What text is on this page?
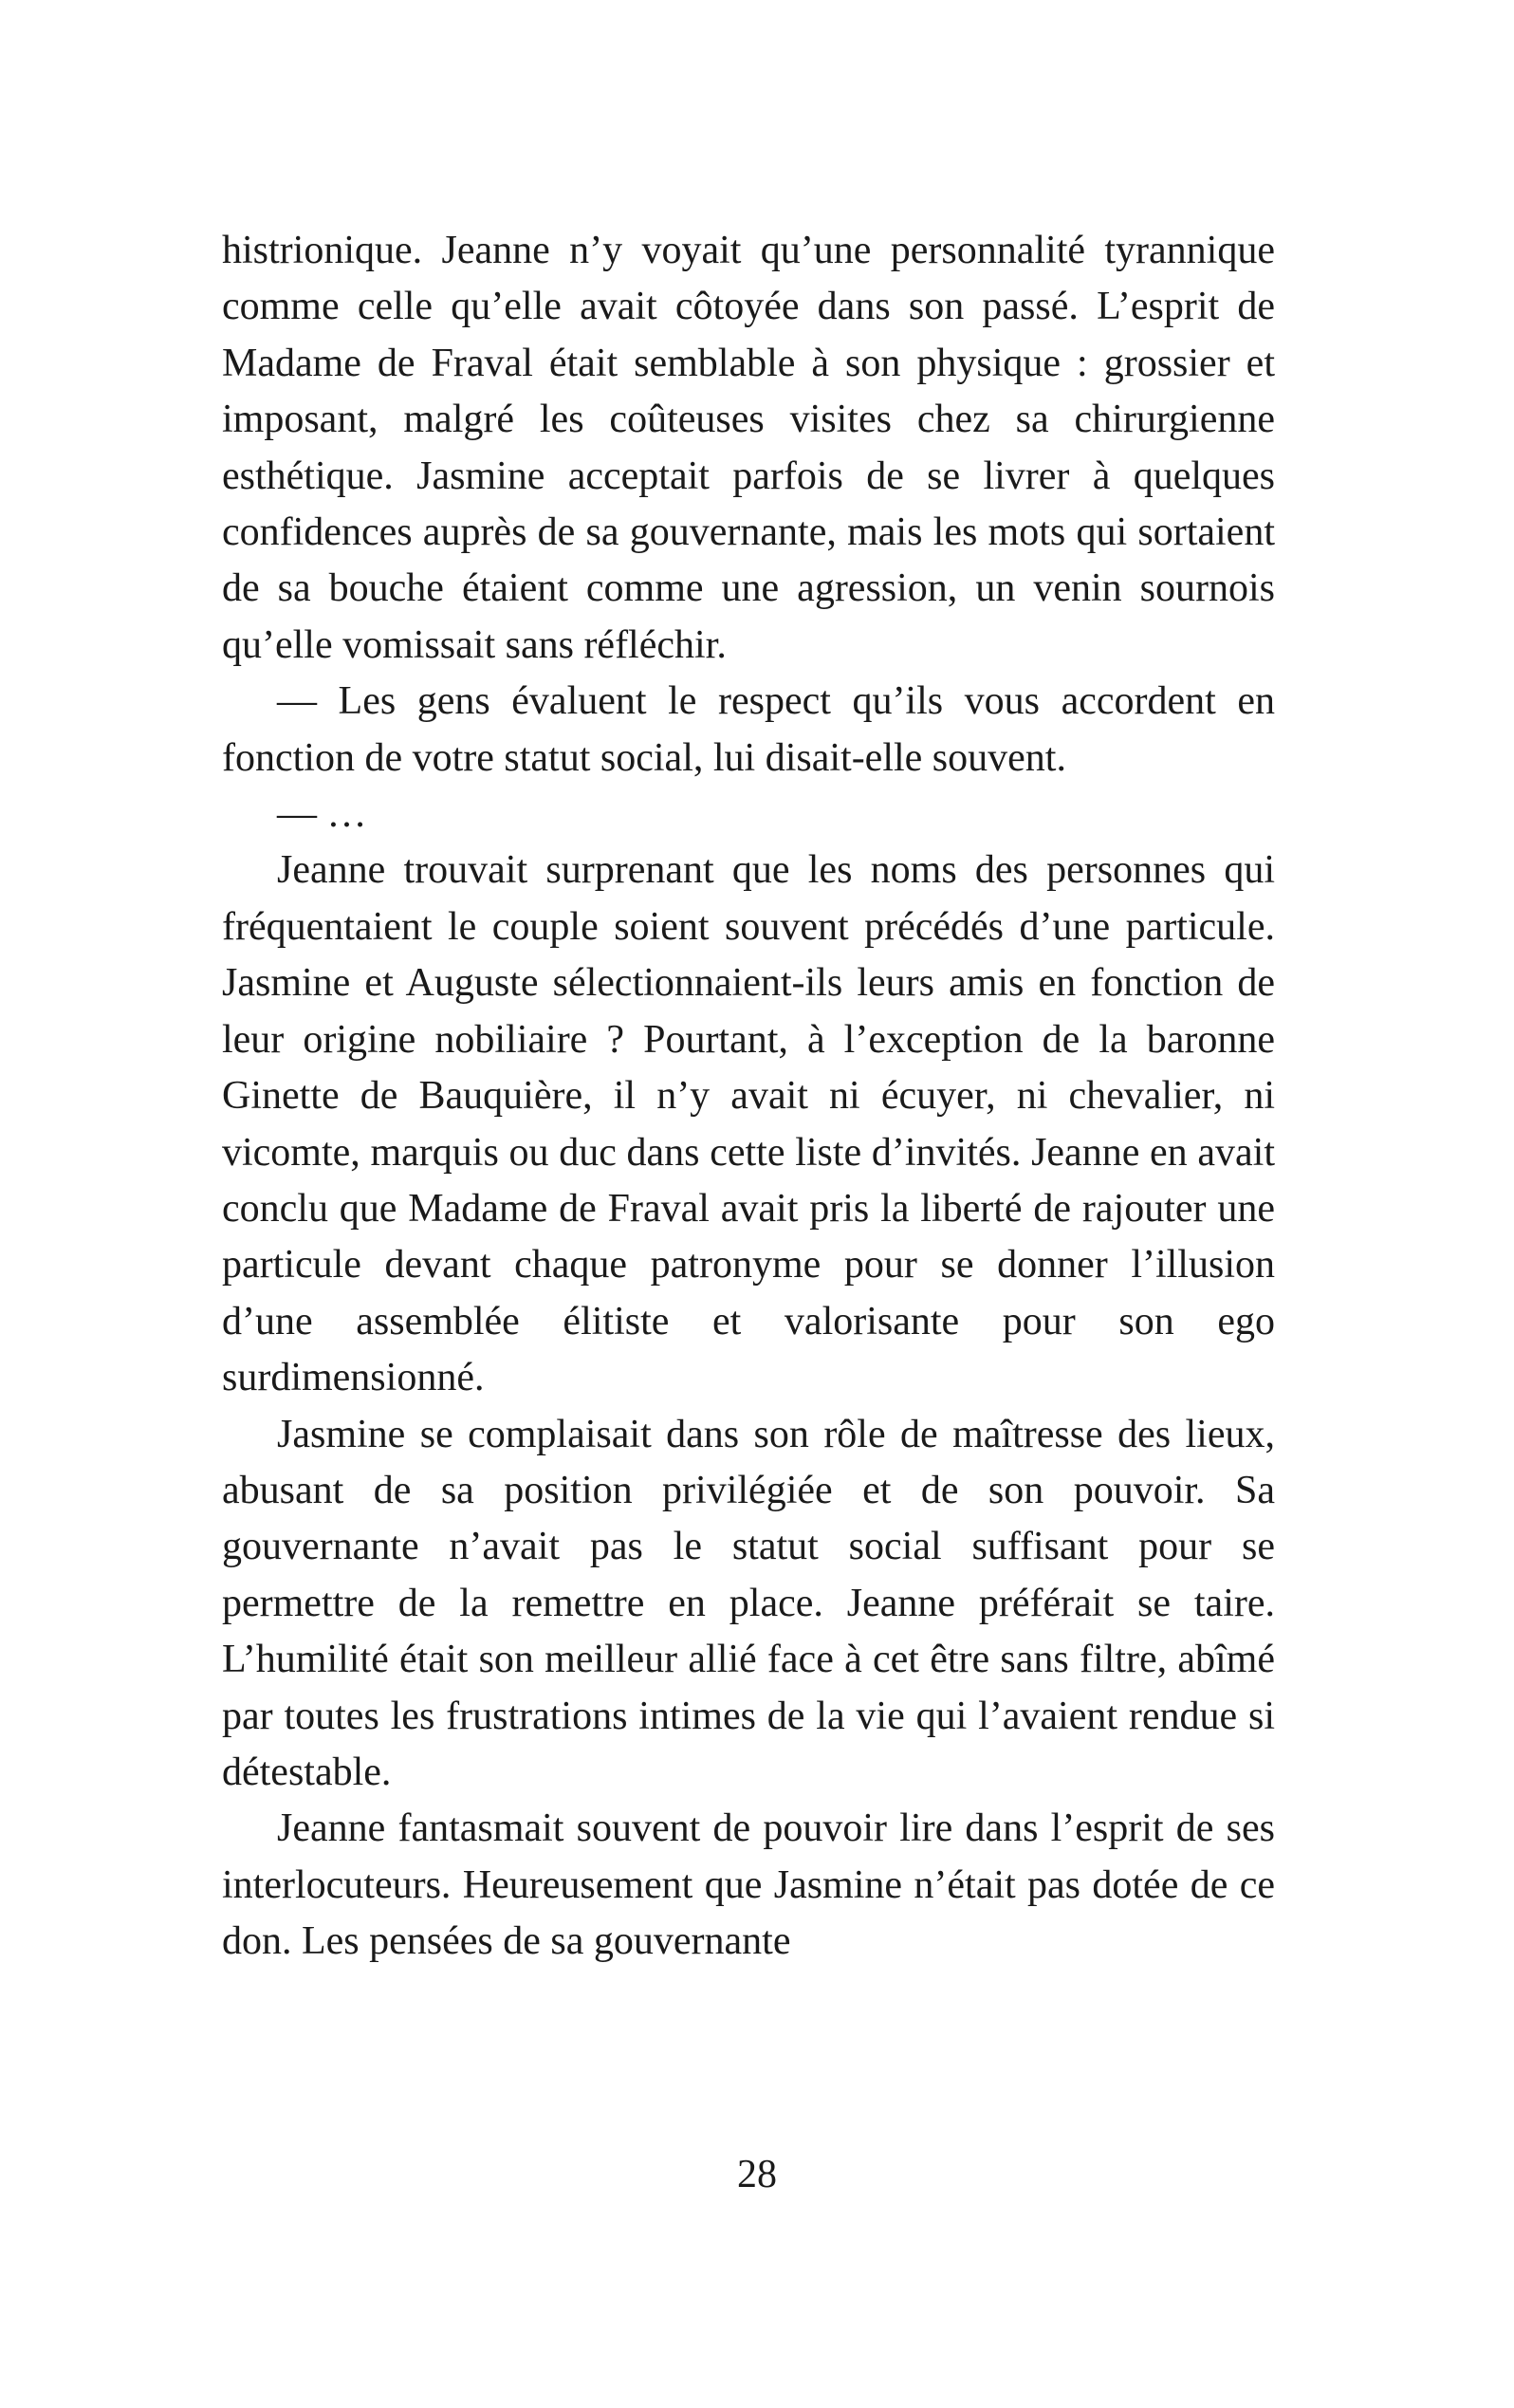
histrionique. Jeanne n’y voyait qu’une personnalité tyrannique comme celle qu’elle avait côtoyée dans son passé. L’esprit de Madame de Fraval était semblable à son physique : grossier et imposant, malgré les coûteuses visites chez sa chirurgienne esthétique. Jasmine acceptait parfois de se livrer à quelques confidences auprès de sa gouvernante, mais les mots qui sortaient de sa bouche étaient comme une agression, un venin sournois qu’elle vomissait sans réfléchir.

— Les gens évaluent le respect qu’ils vous accordent en fonction de votre statut social, lui disait-elle souvent.

— …

Jeanne trouvait surprenant que les noms des personnes qui fréquentaient le couple soient souvent précédés d’une particule. Jasmine et Auguste sélectionnaient-ils leurs amis en fonction de leur origine nobiliaire ? Pourtant, à l’exception de la baronne Ginette de Bauquière, il n’y avait ni écuyer, ni chevalier, ni vicomte, marquis ou duc dans cette liste d’invités. Jeanne en avait conclu que Madame de Fraval avait pris la liberté de rajouter une particule devant chaque patronyme pour se donner l’illusion d’une assemblée élitiste et valorisante pour son ego surdimensionné.

Jasmine se complaisait dans son rôle de maîtresse des lieux, abusant de sa position privilégiée et de son pouvoir. Sa gouvernante n’avait pas le statut social suffisant pour se permettre de la remettre en place. Jeanne préférait se taire. L’humilité était son meilleur allié face à cet être sans filtre, abîmé par toutes les frustrations intimes de la vie qui l’avaient rendue si détestable.

Jeanne fantasmait souvent de pouvoir lire dans l’esprit de ses interlocuteurs. Heureusement que Jasmine n’était pas dotée de ce don. Les pensées de sa gouvernante

28
